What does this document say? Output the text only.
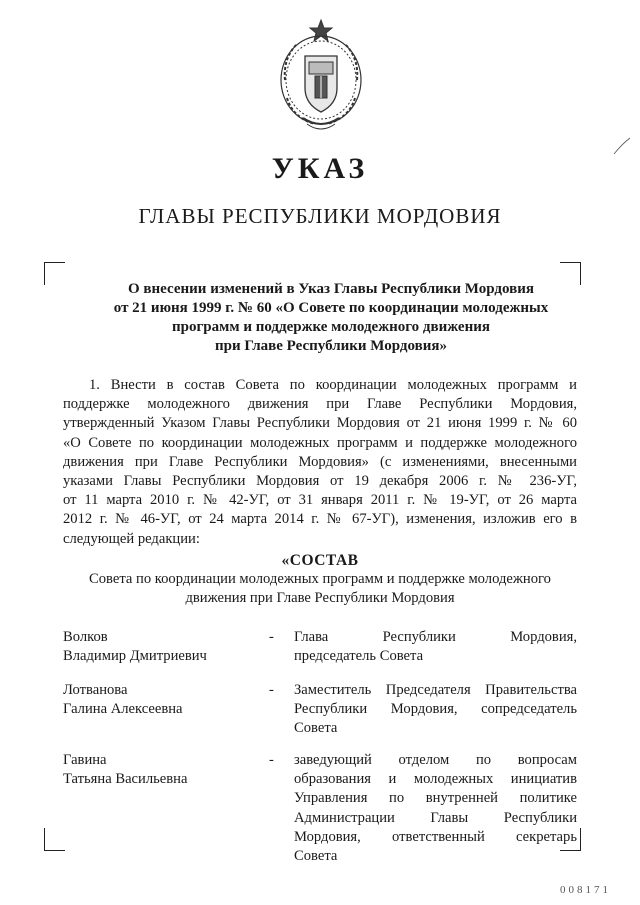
УКАЗ
ГЛАВЫ РЕСПУБЛИКИ МОРДОВИЯ
О внесении изменений в Указ Главы Республики Мордовия
от 21 июня 1999 г. № 60 «О Совете по координации молодежных
программ и поддержке молодежного движения
при Главе Республики Мордовия»
1. Внести в состав Совета по координации молодежных программ и
поддержке молодежного движения при Главе Республики Мордовия,
утвержденный Указом Главы Республики Мордовия от 21 июня 1999 г. № 60
«О Совете по координации молодежных программ и поддержке молодежного
движения при Главе Республики Мордовия» (с изменениями, внесенными
указами Главы Республики Мордовия от 19 декабря 2006 г. № 236-УГ,
от 11 марта 2010 г. № 42-УГ, от 31 января 2011 г. № 19-УГ, от 26 марта
2012 г. № 46-УГ, от 24 марта 2014 г. № 67-УГ), изменения, изложив его в
следующей редакции:
«СОСТАВ
Совета по координации молодежных программ и поддержке молодежного
движения при Главе Республики Мордовия
Волков
Владимир Дмитриевич
- Глава Республики Мордовия,
председатель Совета
Лотванова
Галина Алексеевна
- Заместитель Председателя Правительства
Республики Мордовия, сопредседатель
Совета
Гавина
Татьяна Васильевна
- заведующий отделом по вопросам
образования и молодежных инициатив
Управления по внутренней политике
Администрации Главы Республики
Мордовия, ответственный секретарь
Совета
008171
